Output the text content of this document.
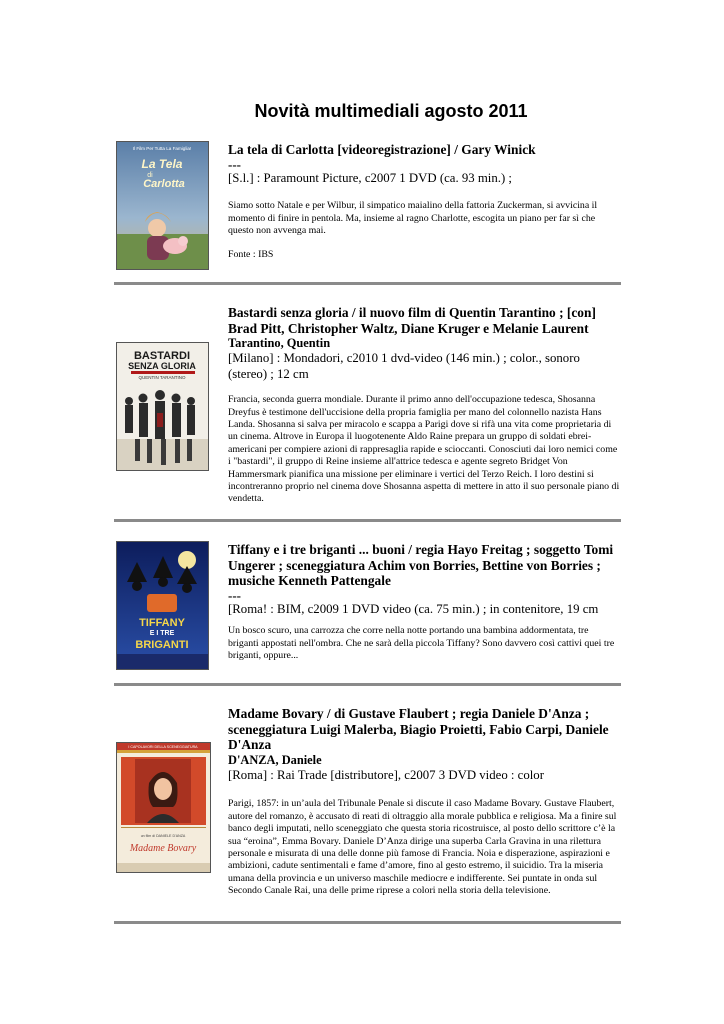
Novità multimediali agosto 2011
Il Film Per Tutta La Famiglia!
La Tela
di
Carlotta

La tela di Carlotta [videoregistrazione] / Gary Winick

---

[S.l.] : Paramount Picture, c2007 1 DVD (ca. 93 min.) ;

Siamo sotto Natale e per Wilbur, il simpatico maialino della fattoria Zuckerman, si avvicina il momento di finire in pentola. Ma, insieme al ragno Charlotte, escogita un piano per far sì che questo non avvenga mai.

Fonte : IBS

BASTARDI
SENZA GLORIA
QUENTIN TARANTINO

Bastardi senza gloria / il nuovo film di Quentin Tarantino ; [con] Brad Pitt, Christopher Waltz, Diane Kruger e Melanie Laurent

Tarantino, Quentin

[Milano] : Mondadori, c2010 1 dvd-video (146 min.) ; color., sonoro (stereo) ; 12 cm

Francia, seconda guerra mondiale. Durante il primo anno dell'occupazione tedesca, Shosanna Dreyfus è testimone dell'uccisione della propria famiglia per mano del colonnello nazista Hans Landa. Shosanna si salva per miracolo e scappa a Parigi dove si rifà una vita come proprietaria di un cinema. Altrove in Europa il luogotenente Aldo Raine prepara un gruppo di soldati ebrei-americani per compiere azioni di rappresaglia rapide e scioccanti. Conosciuti dai loro nemici come i "bastardi", il gruppo di Reine insieme all'attrice tedesca e agente segreto Bridget Von Hammersmark pianifica una missione per eliminare i vertici del Terzo Reich. I loro destini si incontreranno proprio nel cinema dove Shosanna aspetta di mettere in atto il suo personale piano di vendetta.

TIFFANY
E I TRE
BRIGANTI

Tiffany e i tre briganti ... buoni / regia Hayo Freitag ; soggetto Tomi Ungerer ; sceneggiatura Achim von Borries, Bettine von Borries ; musiche Kenneth Pattengale

---

[Roma! : BIM, c2009 1 DVD video (ca. 75 min.) ; in contenitore, 19 cm

Un bosco scuro, una carrozza che corre nella notte portando una bambina addormentata, tre briganti appostati nell'ombra. Che ne sarà della piccola Tiffany? Sono davvero così cattivi quei tre briganti, oppure...

I CAPOLAVORI DELLA SCENEGGIATURA
un film di DANIELE D'ANZA
Madame Bovary

Madame Bovary / di Gustave Flaubert ; regia Daniele D'Anza ; sceneggiatura Luigi Malerba, Biagio Proietti, Fabio Carpi, Daniele D'Anza

D'ANZA, Daniele

[Roma] : Rai Trade [distributore], c2007 3 DVD video : color

Parigi, 1857: in un’aula del Tribunale Penale si discute il caso Madame Bovary. Gustave Flaubert, autore del romanzo, è accusato di reati di oltraggio alla morale pubblica e religiosa. Ma a finire sul banco degli imputati, nello sceneggiato che questa storia ricostruisce, al posto dello scrittore c’è la sua “eroina”, Emma Bovary. Daniele D’Anza dirige una superba Carla Gravina in una rilettura personale e misurata di una delle donne più famose di Francia. Noia e disperazione, aspirazioni e ambizioni, cadute sentimentali e fame d’amore, fino al gesto estremo, il suicidio. Tra la miseria umana della provincia e un universo maschile mediocre e indifferente. Sei puntate in onda sul Secondo Canale Rai, una delle prime riprese a colori nella storia della televisione.
